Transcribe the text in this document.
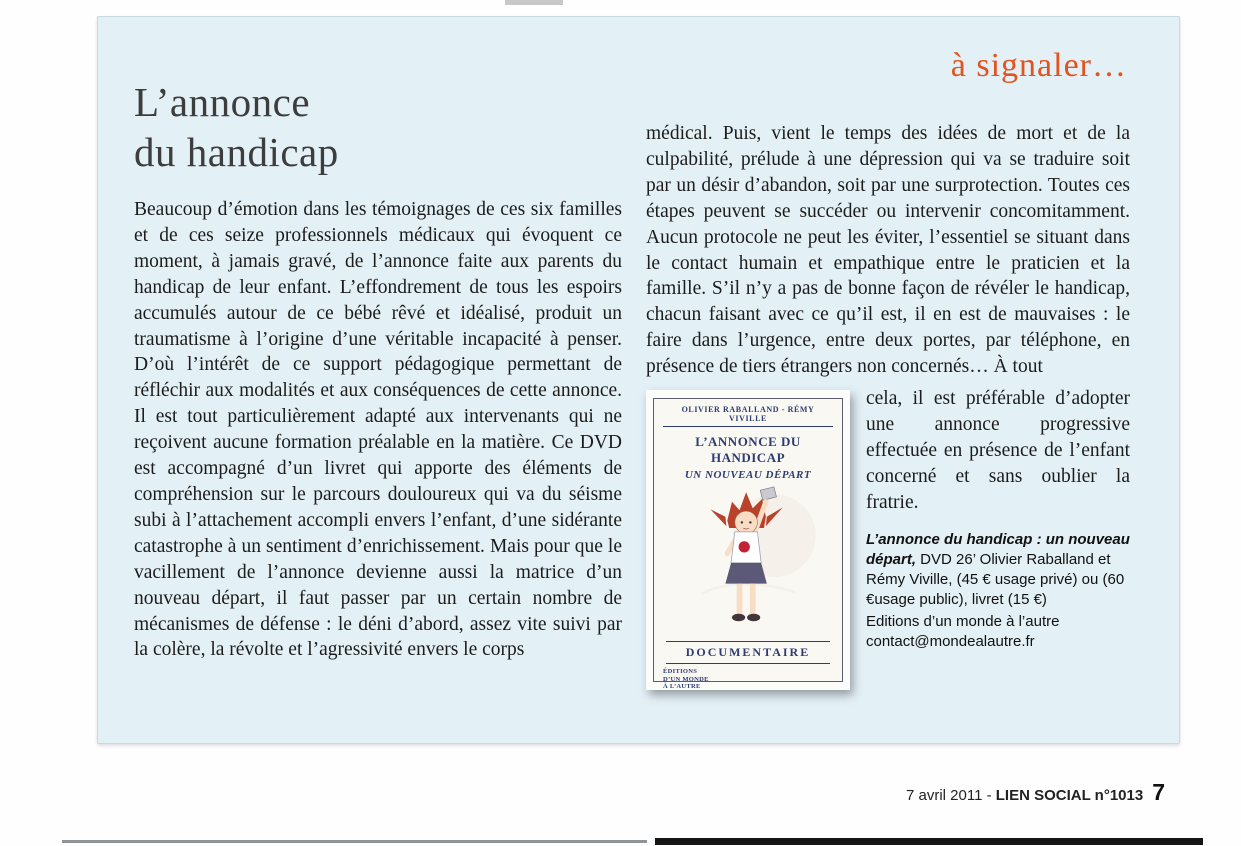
à signaler…
L’annonce
du handicap

Beaucoup d’émotion dans les témoignages de ces six familles et de ces seize professionnels médicaux qui évoquent ce moment, à jamais gravé, de l’annonce faite aux parents du handicap de leur enfant. L’effondrement de tous les espoirs accumulés autour de ce bébé rêvé et idéalisé, produit un traumatisme à l’origine d’une véritable incapacité à penser. D’où l’intérêt de ce support pédagogique permettant de réfléchir aux modalités et aux conséquences de cette annonce. Il est tout particulièrement adapté aux intervenants qui ne reçoivent aucune formation préalable en la matière. Ce DVD est accompagné d’un livret qui apporte des éléments de compréhension sur le parcours douloureux qui va du séisme subi à l’attachement accompli envers l’enfant, d’une sidérante catastrophe à un sentiment d’enrichissement. Mais pour que le vacillement de l’annonce devienne aussi la matrice d’un nouveau départ, il faut passer par un certain nombre de mécanismes de défense : le déni d’abord, assez vite suivi par la colère, la révolte et l’agressivité envers le corps

médical. Puis, vient le temps des idées de mort et de la culpabilité, prélude à une dépression qui va se traduire soit par un désir d’abandon, soit par une surprotection. Toutes ces étapes peuvent se succéder ou intervenir concomitamment. Aucun protocole ne peut les éviter, l’essentiel se situant dans le contact humain et empathique entre le praticien et la famille. S’il n’y a pas de bonne façon de révéler le handicap, chacun faisant avec ce qu’il est, il en est de mauvaises : le faire dans l’urgence, entre deux portes, par téléphone, en présence de tiers étrangers non concernés… À tout

OLIVIER RABALLAND - RÉMY VIVILLE
L’ANNONCE DU HANDICAP
UN NOUVEAU DÉPART
DOCUMENTAIRE
ÉDITIONS
D’UN MONDE
À L’AUTRE

cela, il est préférable d’adopter une annonce progressive effectuée en présence de l’enfant concerné et sans oublier la fratrie.

L’annonce du handicap : un nouveau départ, DVD 26’ Olivier Raballand et Rémy Viville, (45 € usage privé) ou (60 €usage public), livret (15 €)

Editions d’un monde à l’autre

contact@mondealautre.fr

7 avril 2011 - LIEN SOCIAL n°1013 7
